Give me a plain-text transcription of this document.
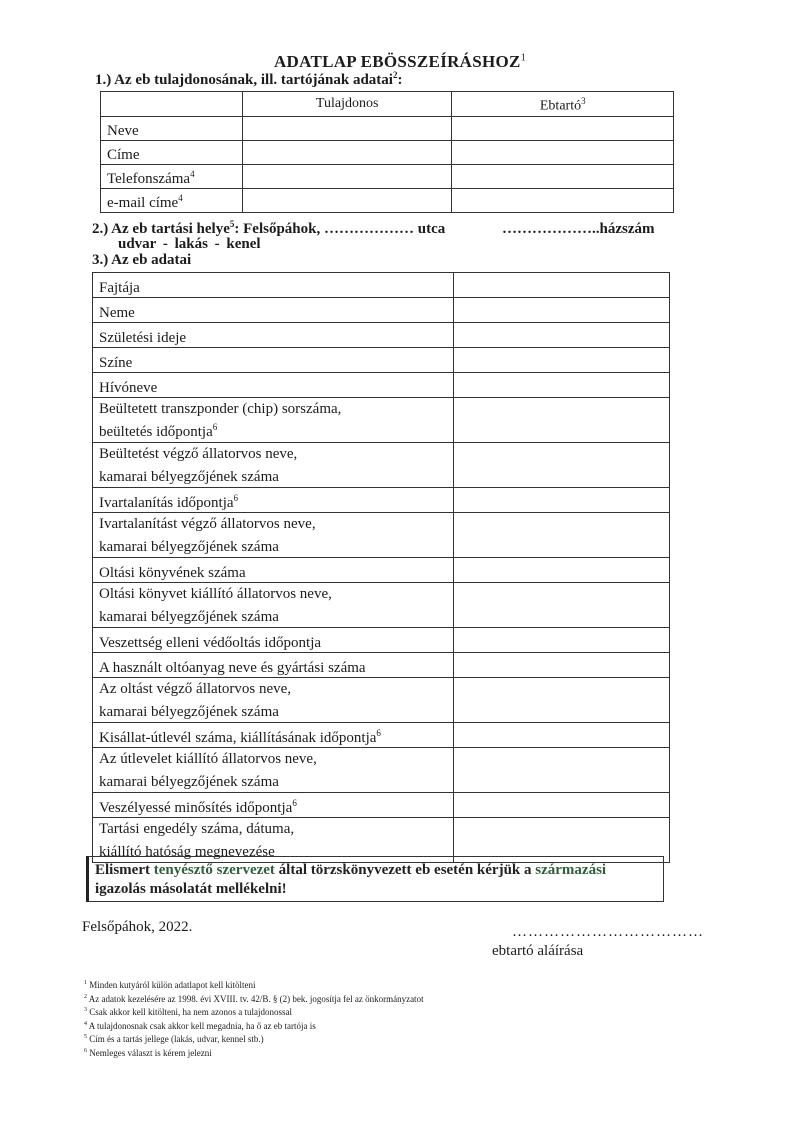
ADATLAP EBÖSSZEÍRÁSHOZ$^1$
1.) Az eb tulajdonosának, ill. tartójának adatai$^2$:
	Tulajdonos	Ebtartó$^3$
Neve		
Címe		
Telefonszáma$^4$		
e-mail címe$^4$		
2.) Az eb tartási helye$^5$: Felsőpáhok, ……………… utca	………………..házszám
udvar - lakás - kenel
3.) Az eb adatai
Fajtája	
Neme	
Születési ideje	
Színe	
Hívóneve	
Beültetett transzponder (chip) sorszáma,
beültetés időpontja$^6$	
Beültetést végző állatorvos neve,
kamarai bélyegzőjének száma	
Ivartalanítás időpontja$^6$	
Ivartalanítást végző állatorvos neve,
kamarai bélyegzőjének száma	
Oltási könyvének száma	
Oltási könyvet kiállító állatorvos neve,
kamarai bélyegzőjének száma	
Veszettség elleni védőoltás időpontja	
A használt oltóanyag neve és gyártási száma	
Az oltást végző állatorvos neve,
kamarai bélyegzőjének száma	
Kisállat-útlevél száma, kiállításának időpontja$^6$	
Az útlevelet kiállító állatorvos neve,
kamarai bélyegzőjének száma	
Veszélyessé minősítés időpontja$^6$	
Tartási engedély száma, dátuma,
kiállító hatóság megnevezése	
Elismert tenyésztő szervezet által törzskönyvezett eb esetén kérjük a származási
igazolás másolatát mellékelni!
Felsőpáhok, 2022.	………………………………
ebtartó aláírása
$^1$ Minden kutyáról külön adatlapot kell kitölteni
$^2$ Az adatok kezelésére az 1998. évi XVIII. tv. 42/B. § (2) bek. jogosítja fel az önkormányzatot
$^3$ Csak akkor kell kitölteni, ha nem azonos a tulajdonossal
$^4$ A tulajdonosnak csak akkor kell megadnia, ha ő az eb tartója is
$^5$ Cím és a tartás jellege (lakás, udvar, kennel stb.)
$^6$ Nemleges választ is kérem jelezni
